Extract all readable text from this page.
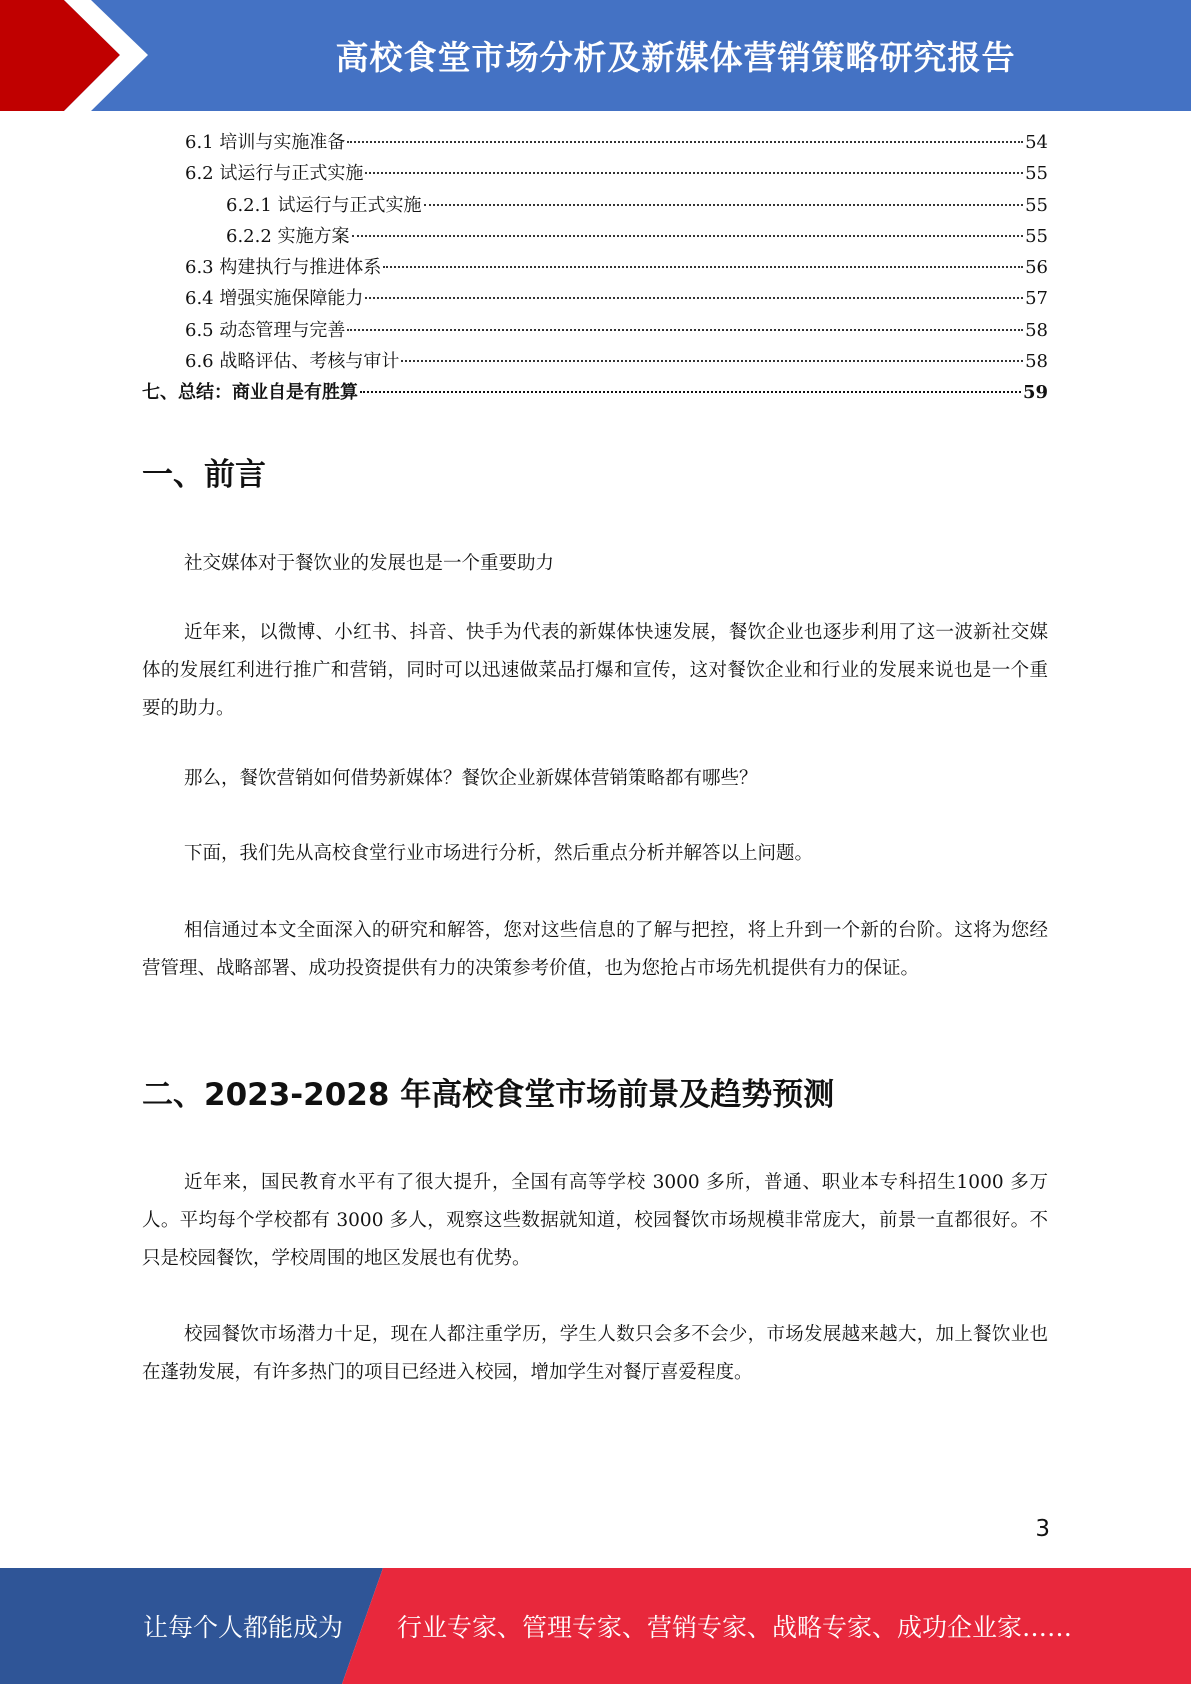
高校食堂市场分析及新媒体营销策略研究报告
6.1 培训与实施准备	54
6.2 试运行与正式实施	55
6.2.1 试运行与正式实施	55
6.2.2 实施方案	55
6.3 构建执行与推进体系	56
6.4 增强实施保障能力	57
6.5 动态管理与完善	58
6.6 战略评估、考核与审计	58
七、总结：商业自是有胜算	59
一、前言

社交媒体对于餐饮业的发展也是一个重要助力

近年来，以微博、小红书、抖音、快手为代表的新媒体快速发展，餐饮企业也逐步利用了这一波新社交媒体的发展红利进行推广和营销，同时可以迅速做菜品打爆和宣传，这对餐饮企业和行业的发展来说也是一个重要的助力。

那么，餐饮营销如何借势新媒体？餐饮企业新媒体营销策略都有哪些？

下面，我们先从高校食堂行业市场进行分析，然后重点分析并解答以上问题。

相信通过本文全面深入的研究和解答，您对这些信息的了解与把控，将上升到一个新的台阶。这将为您经营管理、战略部署、成功投资提供有力的决策参考价值，也为您抢占市场先机提供有力的保证。

二、2023-2028 年高校食堂市场前景及趋势预测

近年来，国民教育水平有了很大提升，全国有高等学校 3000 多所，普通、职业本专科招生1000 多万人。平均每个学校都有 3000 多人，观察这些数据就知道，校园餐饮市场规模非常庞大，前景一直都很好。不只是校园餐饮，学校周围的地区发展也有优势。

校园餐饮市场潜力十足，现在人都注重学历，学生人数只会多不会少，市场发展越来越大，加上餐饮业也在蓬勃发展，有许多热门的项目已经进入校园，增加学生对餐厅喜爱程度。

3
让每个人都能成为 行业专家、管理专家、营销专家、战略专家、成功企业家……
